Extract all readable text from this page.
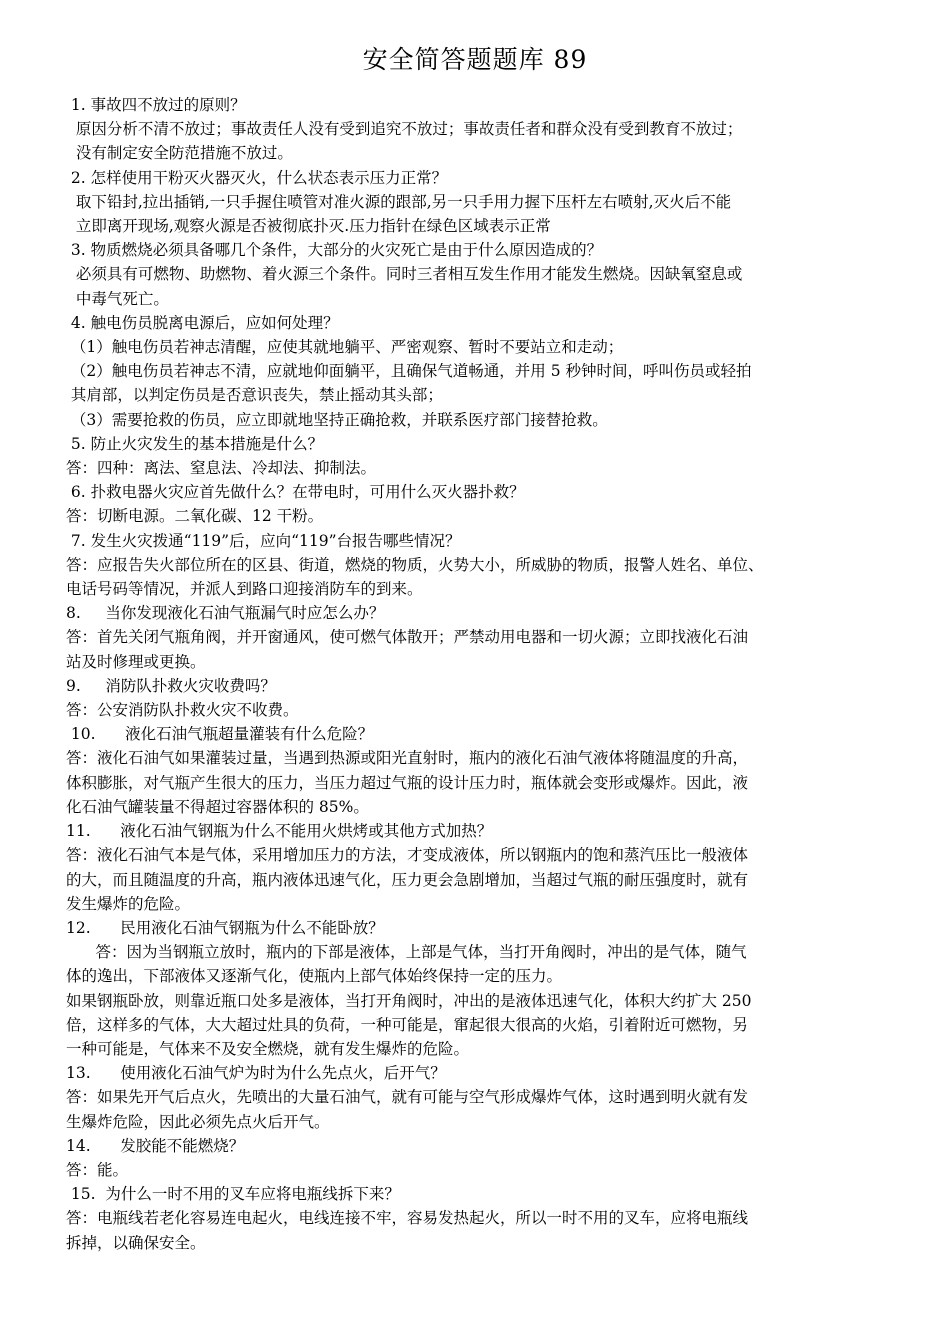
安全简答题题库 89
1. 事故四不放过的原则？
原因分析不清不放过；事故责任人没有受到追究不放过；事故责任者和群众没有受到教育不放过；
没有制定安全防范措施不放过。
2. 怎样使用干粉灭火器灭火，什么状态表示压力正常？
取下铅封,拉出插销,一只手握住喷管对准火源的跟部,另一只手用力握下压杆左右喷射,灭火后不能
立即离开现场,观察火源是否被彻底扑灭.压力指针在绿色区域表示正常
3. 物质燃烧必须具备哪几个条件，大部分的火灾死亡是由于什么原因造成的？
必须具有可燃物、助燃物、着火源三个条件。同时三者相互发生作用才能发生燃烧。因缺氧窒息或
中毒气死亡。
4. 触电伤员脱离电源后，应如何处理？
（1）触电伤员若神志清醒，应使其就地躺平、严密观察、暂时不要站立和走动；
（2）触电伤员若神志不清，应就地仰面躺平，且确保气道畅通，并用 5 秒钟时间，呼叫伤员或轻拍
其肩部，以判定伤员是否意识丧失，禁止摇动其头部；
（3）需要抢救的伤员，应立即就地坚持正确抢救，并联系医疗部门接替抢救。
5. 防止火灾发生的基本措施是什么？
答：四种：离法、窒息法、冷却法、抑制法。
6. 扑救电器火灾应首先做什么？在带电时，可用什么灭火器扑救？
答：切断电源。二氧化碳、12 干粉。
7. 发生火灾拨通“119”后，应向“119”台报告哪些情况？
答：应报告失火部位所在的区县、街道，燃烧的物质，火势大小，所威胁的物质，报警人姓名、单位、
电话号码等情况，并派人到路口迎接消防车的到来。
8.     当你发现液化石油气瓶漏气时应怎么办？
答：首先关闭气瓶角阀，并开窗通风，使可燃气体散开；严禁动用电器和一切火源；立即找液化石油
站及时修理或更换。
9.     消防队扑救火灾收费吗？
答：公安消防队扑救火灾不收费。
10.      液化石油气瓶超量灌装有什么危险？
答：液化石油气如果灌装过量，当遇到热源或阳光直射时，瓶内的液化石油气液体将随温度的升高，
体积膨胀，对气瓶产生很大的压力，当压力超过气瓶的设计压力时，瓶体就会变形或爆炸。因此，液
化石油气罐装量不得超过容器体积的 85%。
11.      液化石油气钢瓶为什么不能用火烘烤或其他方式加热？
答：液化石油气本是气体，采用增加压力的方法，才变成液体，所以钢瓶内的饱和蒸汽压比一般液体
的大，而且随温度的升高，瓶内液体迅速气化，压力更会急剧增加，当超过气瓶的耐压强度时，就有
发生爆炸的危险。
12.      民用液化石油气钢瓶为什么不能卧放？
答：因为当钢瓶立放时，瓶内的下部是液体，上部是气体，当打开角阀时，冲出的是气体，随气
体的逸出，下部液体又逐渐气化，使瓶内上部气体始终保持一定的压力。
如果钢瓶卧放，则靠近瓶口处多是液体，当打开角阀时，冲出的是液体迅速气化，体积大约扩大 250
倍，这样多的气体，大大超过灶具的负荷，一种可能是，窜起很大很高的火焰，引着附近可燃物，另
一种可能是，气体来不及安全燃烧，就有发生爆炸的危险。
13.      使用液化石油气炉为时为什么先点火，后开气？
答：如果先开气后点火，先喷出的大量石油气，就有可能与空气形成爆炸气体，这时遇到明火就有发
生爆炸危险，因此必须先点火后开气。
14.      发胶能不能燃烧？
答：能。
15.  为什么一时不用的叉车应将电瓶线拆下来？
答：电瓶线若老化容易连电起火，电线连接不牢，容易发热起火，所以一时不用的叉车，应将电瓶线
拆掉，以确保安全。
